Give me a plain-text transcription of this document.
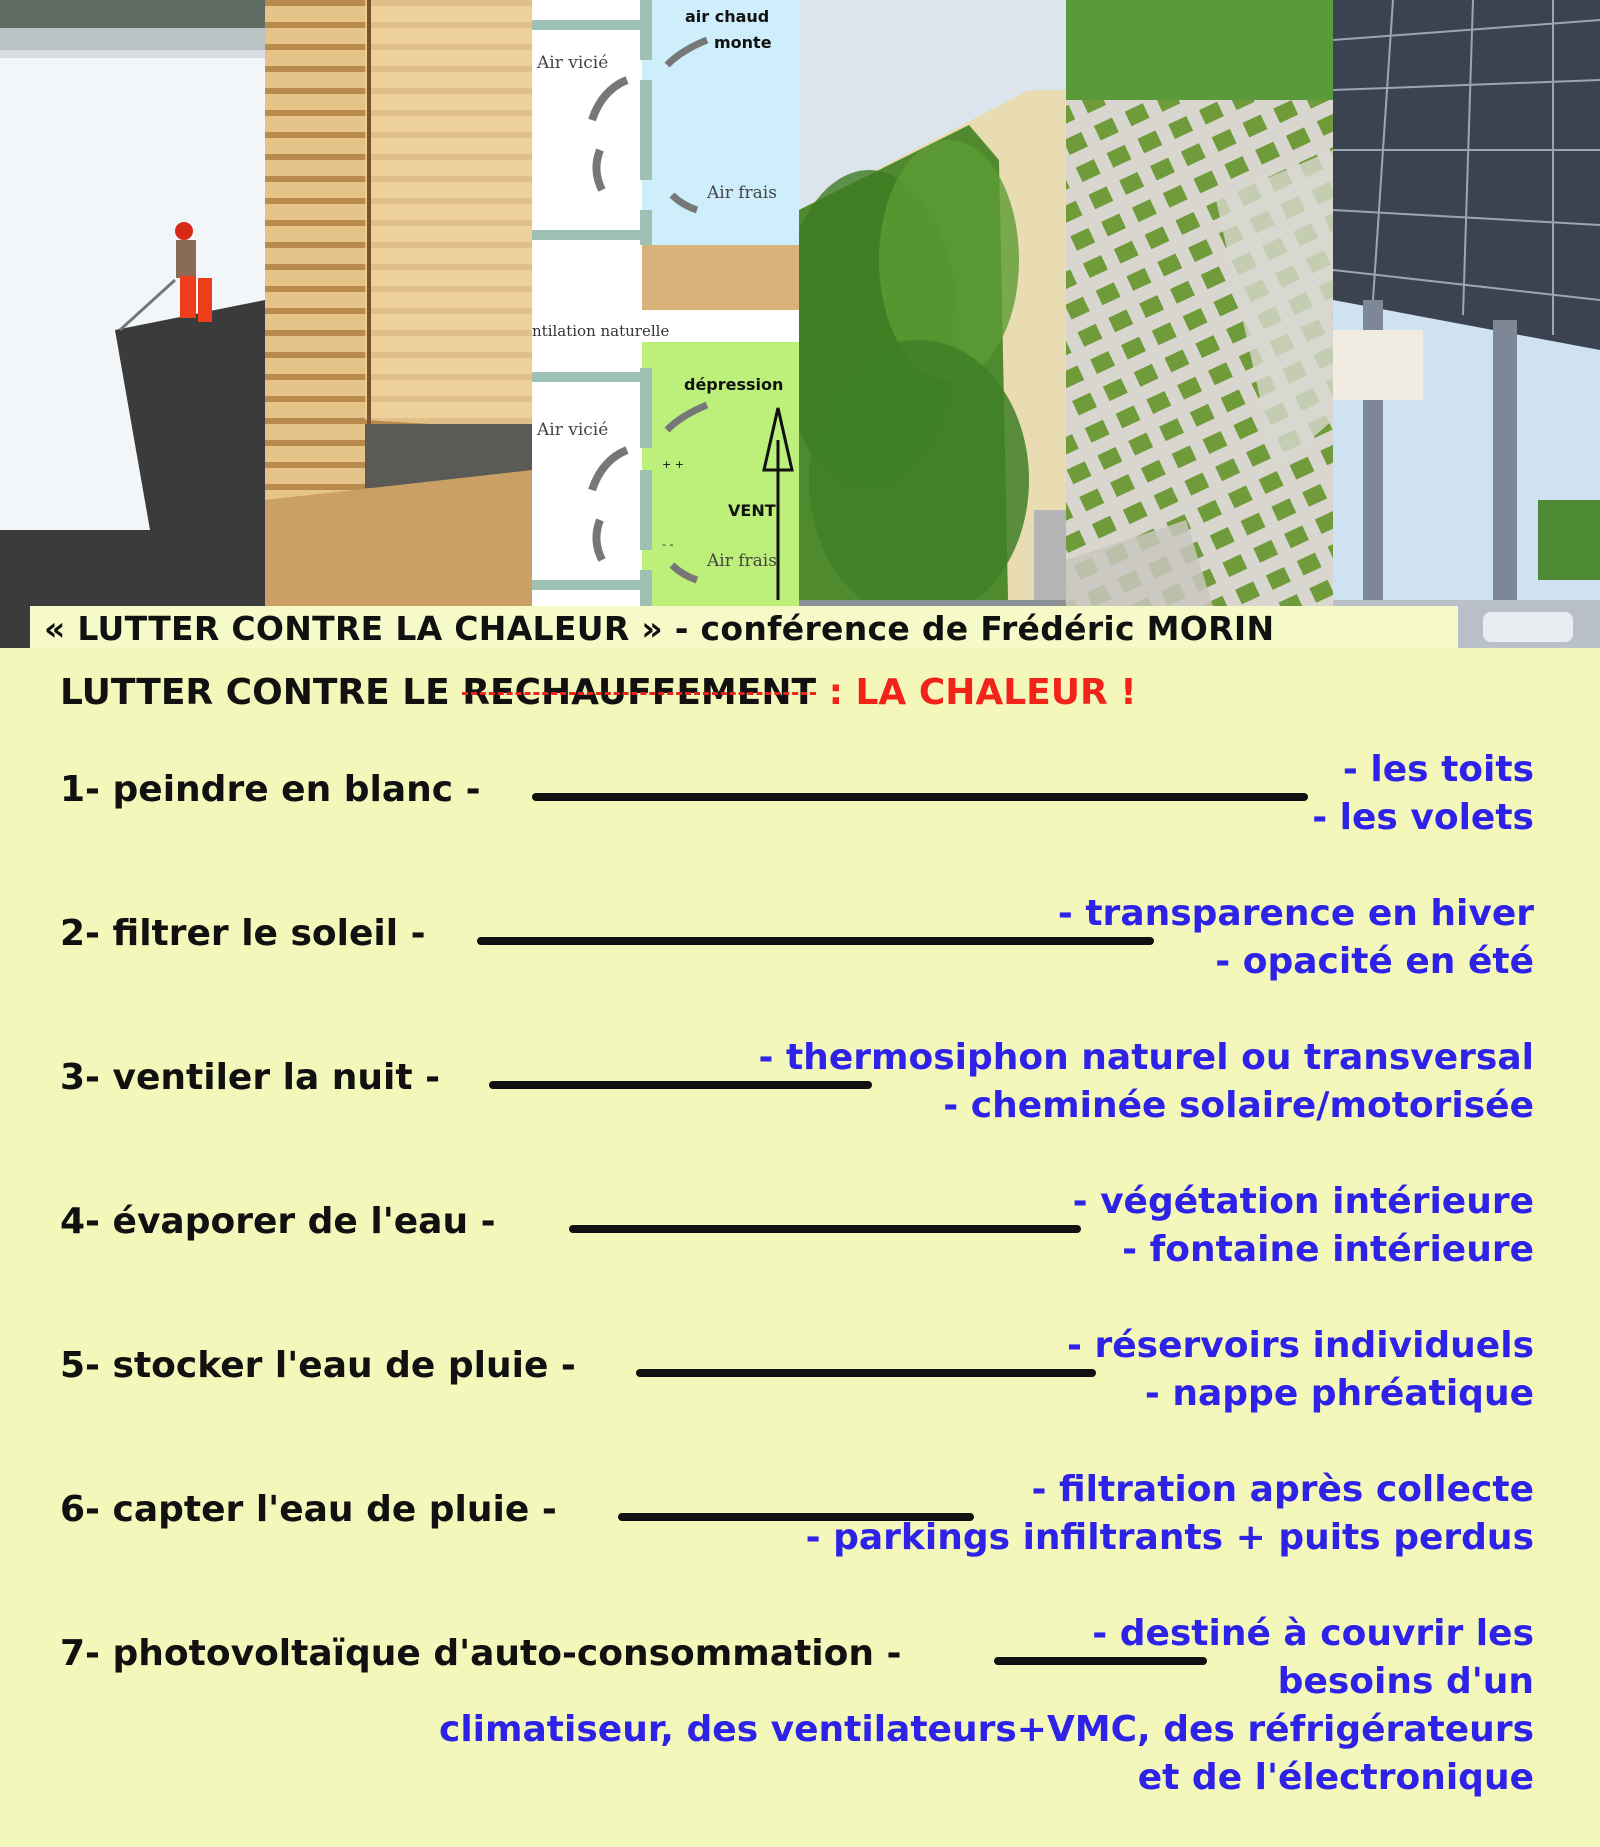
air chaud
monte
Air vicié
Air frais
ntilation naturelle
dépression
Air vicié
+ +
- -
VENT
Air frais
« LUTTER CONTRE LA CHALEUR » - conférence de Frédéric MORIN
LUTTER CONTRE LE RECHAUFFEMENT : LA CHALEUR !
1- peindre en blanc -	- les toits
- les volets
2- filtrer le soleil -	- transparence en hiver
- opacité en été
3- ventiler la nuit -	- thermosiphon naturel ou transversal
- cheminée solaire/motorisée
4- évaporer de l'eau -	- végétation intérieure
- fontaine intérieure
5- stocker l'eau de pluie -	- réservoirs individuels
- nappe phréatique
6- capter l'eau de pluie -	- filtration après collecte
- parkings infiltrants + puits perdus
7- photovoltaïque d'auto-consommation -	- destiné à couvrir les
besoins d'un
climatiseur, des ventilateurs+VMC, des réfrigérateurs
et de l'électronique
